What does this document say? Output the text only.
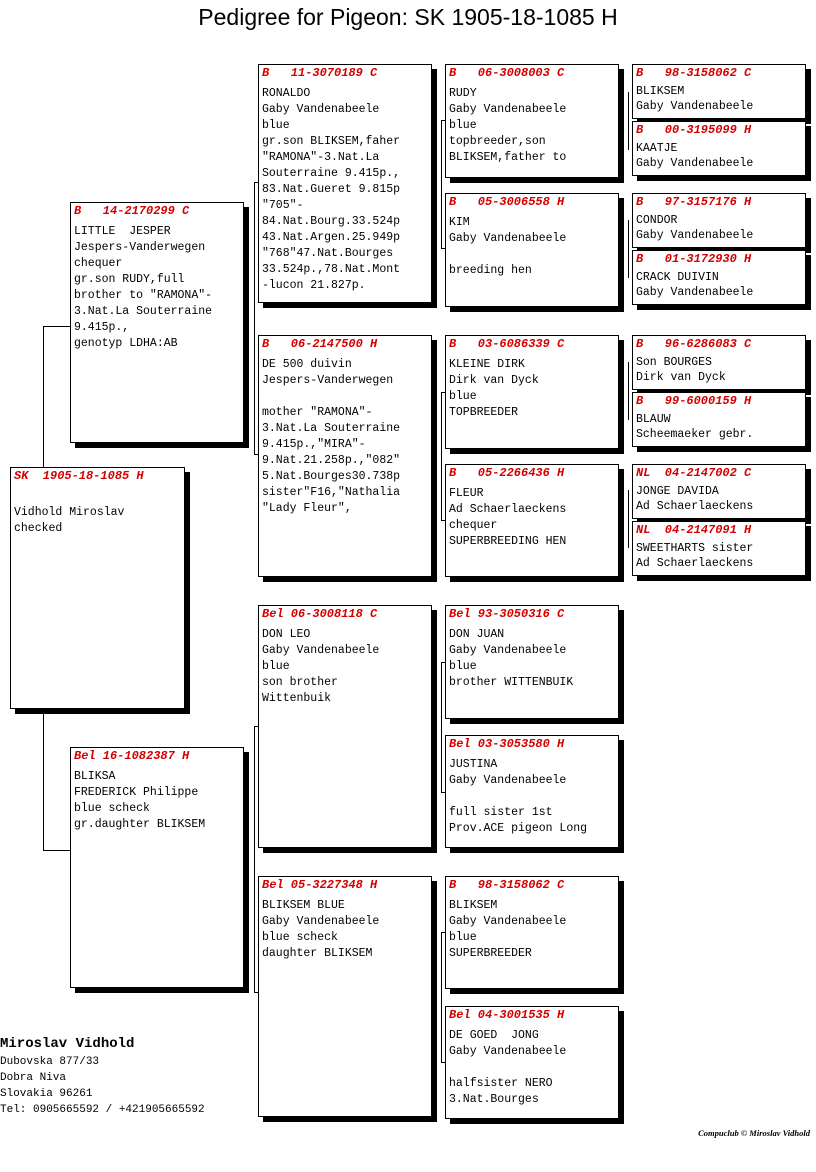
Pedigree for Pigeon: SK 1905-18-1085 H
SK  1905-18-1085 H
Vidhold Miroslav
checked
B   14-2170299 C
LITTLE  JESPER
Jespers-Vanderwegen
chequer
gr.son RUDY,full
brother to "RAMONA"-
3.Nat.La Souterraine
9.415p.,
genotyp LDHA:AB
Bel 16-1082387 H
BLIKSA
FREDERICK Philippe
blue scheck
gr.daughter BLIKSEM
B   11-3070189 C
RONALDO
Gaby Vandenabeele
blue
gr.son BLIKSEM,faher
"RAMONA"-3.Nat.La
Souterraine 9.415p.,
83.Nat.Gueret 9.815p
"705"-
84.Nat.Bourg.33.524p
43.Nat.Argen.25.949p
"768"47.Nat.Bourges
33.524p.,78.Nat.Mont
-lucon 21.827p.
B   06-2147500 H
DE 500 duivin
Jespers-Vanderwegen
mother "RAMONA"-
3.Nat.La Souterraine
9.415p.,"MIRA"-
9.Nat.21.258p.,"082"
5.Nat.Bourges30.738p
sister"F16,"Nathalia
"Lady Fleur",
Bel 06-3008118 C
DON LEO
Gaby Vandenabeele
blue
son brother
Wittenbuik
Bel 05-3227348 H
BLIKSEM BLUE
Gaby Vandenabeele
blue scheck
daughter BLIKSEM
B   06-3008003 C
RUDY
Gaby Vandenabeele
blue
topbreeder,son
BLIKSEM,father to
B   05-3006558 H
KIM
Gaby Vandenabeele
breeding hen
B   03-6086339 C
KLEINE DIRK
Dirk van Dyck
blue
TOPBREEDER
B   05-2266436 H
FLEUR
Ad Schaerlaeckens
chequer
SUPERBREEDING HEN
Bel 93-3050316 C
DON JUAN
Gaby Vandenabeele
blue
brother WITTENBUIK
Bel 03-3053580 H
JUSTINA
Gaby Vandenabeele
full sister 1st
Prov.ACE pigeon Long
B   98-3158062 C
BLIKSEM
Gaby Vandenabeele
blue
SUPERBREEDER
Bel 04-3001535 H
DE GOED  JONG
Gaby Vandenabeele
halfsister NERO
3.Nat.Bourges
B   98-3158062 C
BLIKSEM
Gaby Vandenabeele
B   00-3195099 H
KAATJE
Gaby Vandenabeele
B   97-3157176 H
CONDOR
Gaby Vandenabeele
B   01-3172930 H
CRACK DUIVIN
Gaby Vandenabeele
B   96-6286083 C
Son BOURGES
Dirk van Dyck
B   99-6000159 H
BLAUW
Scheemaeker gebr.
NL  04-2147002 C
JONGE DAVIDA
Ad Schaerlaeckens
NL  04-2147091 H
SWEETHARTS sister
Ad Schaerlaeckens
Miroslav Vidhold
Dubovska 877/33
Dobra Niva
Slovakia 96261
Tel: 0905665592 / +421905665592
Compuclub © Miroslav Vidhold
